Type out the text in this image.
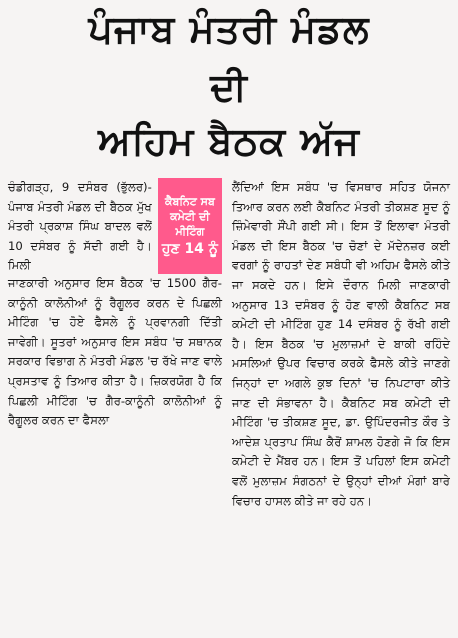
ਪੰਜਾਬ ਮੰਤਰੀ ਮੰਡਲ
ਦੀ
ਅਹਿਮ ਬੈਠਕ ਅੱਜ

ਚੰਡੀਗੜ੍ਹ, 9 ਦਸੰਬਰ (ਭੁੱਲਰ)- ਪੰਜਾਬ ਮੰਤਰੀ ਮੰਡਲ ਦੀ ਬੈਠਕ ਮੁੱਖ ਮੰਤਰੀ ਪ੍ਰਕਾਸ਼ ਸਿੰਘ ਬਾਦਲ ਵਲੋਂ 10 ਦਸੰਬਰ ਨੂੰ ਸੱਦੀ ਗਈ ਹੈ। ਮਿਲੀ

ਕੈਬਨਿਟ ਸਬ
ਕਮੇਟੀ ਦੀ ਮੀਟਿੰਗ
ਹੁਣ 14 ਨੂੰ

ਜਾਣਕਾਰੀ ਅਨੁਸਾਰ ਇਸ ਬੈਠਕ 'ਚ 1500 ਗੈਰ-ਕਾਨੂੰਨੀ ਕਾਲੋਨੀਆਂ ਨੂੰ ਰੈਗੂਲਰ ਕਰਨ ਦੇ ਪਿਛਲੀ ਮੀਟਿੰਗ 'ਚ ਹੋਏ ਫੈਸਲੇ ਨੂੰ ਪ੍ਰਵਾਨਗੀ ਦਿੱਤੀ ਜਾਵੇਗੀ। ਸੂਤਰਾਂ ਅਨੁਸਾਰ ਇਸ ਸਬੰਧ 'ਚ ਸਥਾਨਕ ਸਰਕਾਰ ਵਿਭਾਗ ਨੇ ਮੰਤਰੀ ਮੰਡਲ 'ਚ ਰੱਖੇ ਜਾਣ ਵਾਲੇ ਪ੍ਰਸਤਾਵ ਨੂੰ ਤਿਆਰ ਕੀਤਾ ਹੈ। ਜ਼ਿਕਰਯੋਗ ਹੈ ਕਿ ਪਿਛਲੀ ਮੀਟਿੰਗ 'ਚ ਗੈਰ-ਕਾਨੂੰਨੀ ਕਾਲੋਨੀਆਂ ਨੂੰ ਰੈਗੂਲਰ ਕਰਨ ਦਾ ਫੈਸਲਾ

ਲੈਂਦਿਆਂ ਇਸ ਸਬੰਧ 'ਚ ਵਿਸਥਾਰ ਸਹਿਤ ਯੋਜਨਾ ਤਿਆਰ ਕਰਨ ਲਈ ਕੈਬਨਿਟ ਮੰਤਰੀ ਤੀਕਸ਼ਣ ਸੂਦ ਨੂੰ ਜ਼ਿੰਮੇਵਾਰੀ ਸੌਂਪੀ ਗਈ ਸੀ। ਇਸ ਤੋਂ ਇਲਾਵਾ ਮੰਤਰੀ ਮੰਡਲ ਦੀ ਇਸ ਬੈਠਕ 'ਚ ਚੋਣਾਂ ਦੇ ਮੱਦੇਨਜ਼ਰ ਕਈ ਵਰਗਾਂ ਨੂੰ ਰਾਹਤਾਂ ਦੇਣ ਸਬੰਧੀ ਵੀ ਅਹਿਮ ਫੈਸਲੇ ਕੀਤੇ ਜਾ ਸਕਦੇ ਹਨ। ਇਸੇ ਦੌਰਾਨ ਮਿਲੀ ਜਾਣਕਾਰੀ ਅਨੁਸਾਰ 13 ਦਸੰਬਰ ਨੂੰ ਹੋਣ ਵਾਲੀ ਕੈਬਨਿਟ ਸਬ ਕਮੇਟੀ ਦੀ ਮੀਟਿੰਗ ਹੁਣ 14 ਦਸੰਬਰ ਨੂੰ ਰੱਖੀ ਗਈ ਹੈ। ਇਸ ਬੈਠਕ 'ਚ ਮੁਲਾਜ਼ਮਾਂ ਦੇ ਬਾਕੀ ਰਹਿੰਦੇ ਮਸਲਿਆਂ ਉਪਰ ਵਿਚਾਰ ਕਰਕੇ ਫੈਸਲੇ ਕੀਤੇ ਜਾਣਗੇ ਜਿਨ੍ਹਾਂ ਦਾ ਅਗਲੇ ਕੁਝ ਦਿਨਾਂ 'ਚ ਨਿਪਟਾਰਾ ਕੀਤੇ ਜਾਣ ਦੀ ਸੰਭਾਵਨਾ ਹੈ। ਕੈਬਨਿਟ ਸਬ ਕਮੇਟੀ ਦੀ ਮੀਟਿੰਗ 'ਚ ਤੀਕਸ਼ਣ ਸੂਦ, ਡਾ. ਉਪਿੰਦਰਜੀਤ ਕੌਰ ਤੇ ਆਦੇਸ਼ ਪ੍ਰਤਾਪ ਸਿੰਘ ਕੈਰੋਂ ਸ਼ਾਮਲ ਹੋਣਗੇ ਜੋ ਕਿ ਇਸ ਕਮੇਟੀ ਦੇ ਮੈਂਬਰ ਹਨ। ਇਸ ਤੋਂ ਪਹਿਲਾਂ ਇਸ ਕਮੇਟੀ ਵਲੋਂ ਮੁਲਾਜ਼ਮ ਸੰਗਠਨਾਂ ਦੇ ਉਨ੍ਹਾਂ ਦੀਆਂ ਮੰਗਾਂ ਬਾਰੇ ਵਿਚਾਰ ਹਾਸਲ ਕੀਤੇ ਜਾ ਰਹੇ ਹਨ।
